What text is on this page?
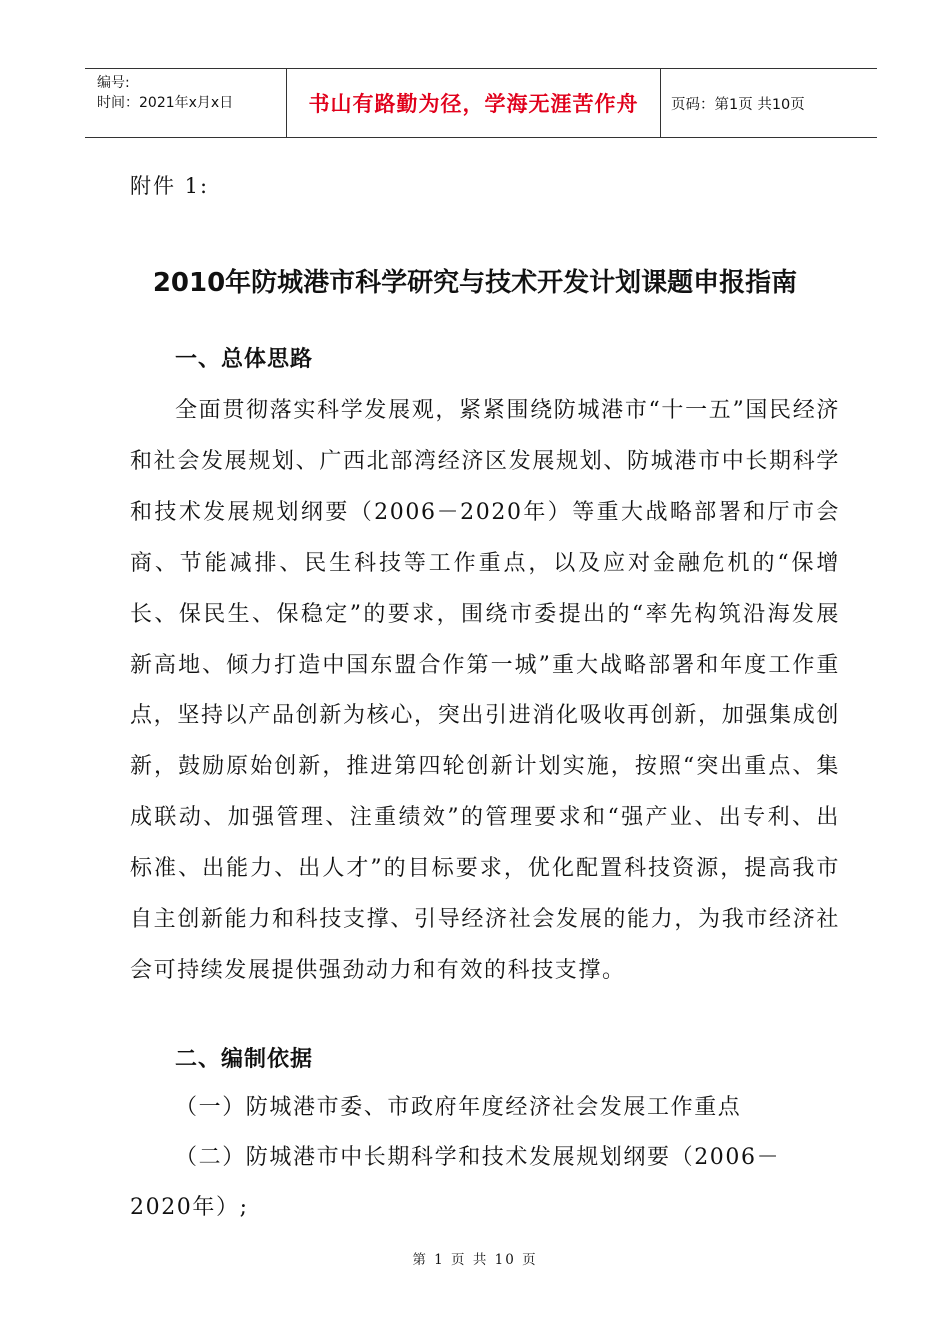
编号:
时间：2021年x月x日	书山有路勤为径，学海无涯苦作舟	页码：第1页 共10页
附件 1:
2010年防城港市科学研究与技术开发计划课题申报指南
一、总体思路

全面贯彻落实科学发展观，紧紧围绕防城港市“十一五”国民经济和社会发展规划、广西北部湾经济区发展规划、防城港市中长期科学和技术发展规划纲要（2006－2020年）等重大战略部署和厅市会商、节能减排、民生科技等工作重点，以及应对金融危机的“保增长、保民生、保稳定”的要求，围绕市委提出的“率先构筑沿海发展新高地、倾力打造中国东盟合作第一城”重大战略部署和年度工作重点，坚持以产品创新为核心，突出引进消化吸收再创新，加强集成创新，鼓励原始创新，推进第四轮创新计划实施，按照“突出重点、集成联动、加强管理、注重绩效”的管理要求和“强产业、出专利、出标准、出能力、出人才”的目标要求，优化配置科技资源，提高我市自主创新能力和科技支撑、引导经济社会发展的能力，为我市经济社会可持续发展提供强劲动力和有效的科技支撑。

二、编制依据

（一）防城港市委、市政府年度经济社会发展工作重点

（二）防城港市中长期科学和技术发展规划纲要（2006－2020年）;

第 1 页 共 10 页
